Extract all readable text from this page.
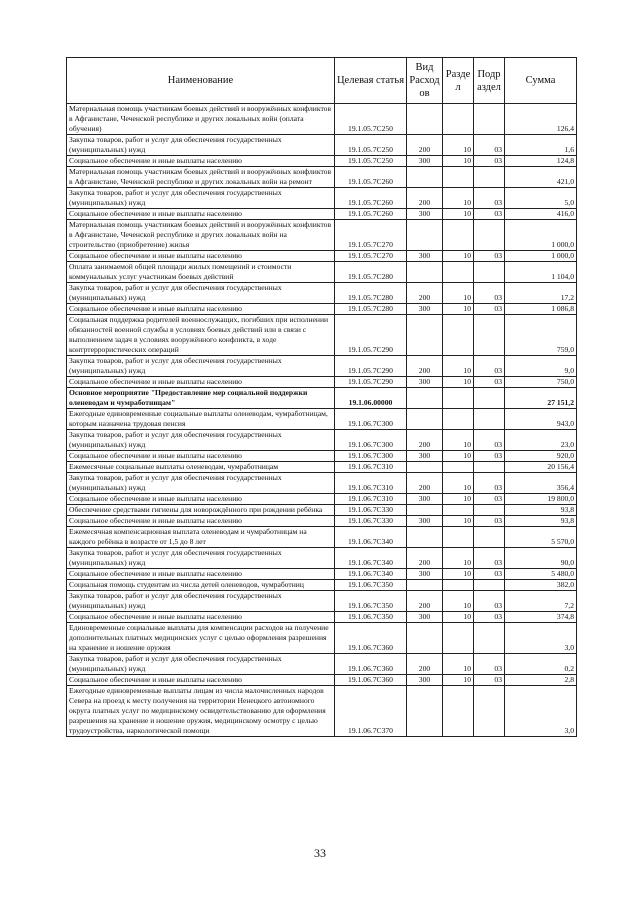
Наименование	Целевая статья	Вид Расход ов	Разде л	Подр аздел	Сумма
Материальная помощь участникам боевых действий и вооружённых конфликтов в Афганистане, Чеченской республике и других локальных войн (оплата обучения)	19.1.05.7С250				126,4
Закупка товаров, работ и услуг для обеспечения государственных (муниципальных) нужд	19.1.05.7С250	200	10	03	1,6
Социальное обеспечение и иные выплаты населению	19.1.05.7С250	300	10	03	124,8
Материальная помощь участникам боевых действий и вооружённых конфликтов в Афганистане, Чеченской республике и других локальных войн на ремонт	19.1.05.7С260				421,0
Закупка товаров, работ и услуг для обеспечения государственных (муниципальных) нужд	19.1.05.7С260	200	10	03	5,0
Социальное обеспечение и иные выплаты населению	19.1.05.7С260	300	10	03	416,0
Материальная помощь участникам боевых действий и вооружённых конфликтов в Афганистане, Чеченской республике и других локальных войн на строительство (приобретение) жилья	19.1.05.7С270				1 000,0
Социальное обеспечение и иные выплаты населению	19.1.05.7С270	300	10	03	1 000,0
Оплата занимаемой общей площади жилых помещений и стоимости коммунальных услуг участникам боевых действий	19.1.05.7С280				1 104,0
Закупка товаров, работ и услуг для обеспечения государственных (муниципальных) нужд	19.1.05.7С280	200	10	03	17,2
Социальное обеспечение и иные выплаты населению	19.1.05.7С280	300	10	03	1 086,8
Социальная поддержка родителей военнослужащих, погибших при исполнении обязанностей военной службы в условиях боевых действий или в связи с выполнением задач в условиях вооружённого конфликта, в ходе контртеррористических операций	19.1.05.7С290				759,0
Закупка товаров, работ и услуг для обеспечения государственных (муниципальных) нужд	19.1.05.7С290	200	10	03	9,0
Социальное обеспечение и иные выплаты населению	19.1.05.7С290	300	10	03	750,0
Основное мероприятие "Предоставление мер социальной поддержки оленеводам и чумработницам"	19.1.06.00000				27 151,2
Ежегодные единовременные социальные выплаты оленеводам, чумработницам, которым назначена трудовая пенсия	19.1.06.7С300				943,0
Закупка товаров, работ и услуг для обеспечения государственных (муниципальных) нужд	19.1.06.7С300	200	10	03	23,0
Социальное обеспечение и иные выплаты населению	19.1.06.7С300	300	10	03	920,0
Ежемесячные социальные выплаты оленеводам, чумработницам	19.1.06.7С310				20 156,4
Закупка товаров, работ и услуг для обеспечения государственных (муниципальных) нужд	19.1.06.7С310	200	10	03	356,4
Социальное обеспечение и иные выплаты населению	19.1.06.7С310	300	10	03	19 800,0
Обеспечение средствами гигиены для новорождённого при рождении ребёнка	19.1.06.7С330				93,8
Социальное обеспечение и иные выплаты населению	19.1.06.7С330	300	10	03	93,8
Ежемесячная компенсационная выплата оленеводам и чумработницам на каждого ребёнка в возрасте от 1,5 до 8 лет	19.1.06.7С340				5 570,0
Закупка товаров, работ и услуг для обеспечения государственных (муниципальных) нужд	19.1.06.7С340	200	10	03	90,0
Социальное обеспечение и иные выплаты населению	19.1.06.7С340	300	10	03	5 480,0
Социальная помощь студентам из числа детей оленеводов, чумработниц	19.1.06.7С350				382,0
Закупка товаров, работ и услуг для обеспечения государственных (муниципальных) нужд	19.1.06.7С350	200	10	03	7,2
Социальное обеспечение и иные выплаты населению	19.1.06.7С350	300	10	03	374,8
Единовременные социальные выплаты для компенсации расходов на получение дополнительных платных медицинских услуг с целью оформления разрешения на хранение и ношение оружия	19.1.06.7С360				3,0
Закупка товаров, работ и услуг для обеспечения государственных (муниципальных) нужд	19.1.06.7С360	200	10	03	0,2
Социальное обеспечение и иные выплаты населению	19.1.06.7С360	300	10	03	2,8
Ежегодные единовременные выплаты лицам из числа малочисленных народов Севера на проезд к месту получения на территории Ненецкого автономного округа платных услуг по медицинскому освидетельствованию для оформления разрешения на хранение и ношение оружия, медицинскому осмотру с целью трудоустройства, наркологической помощи	19.1.06.7С370				3,0
33
